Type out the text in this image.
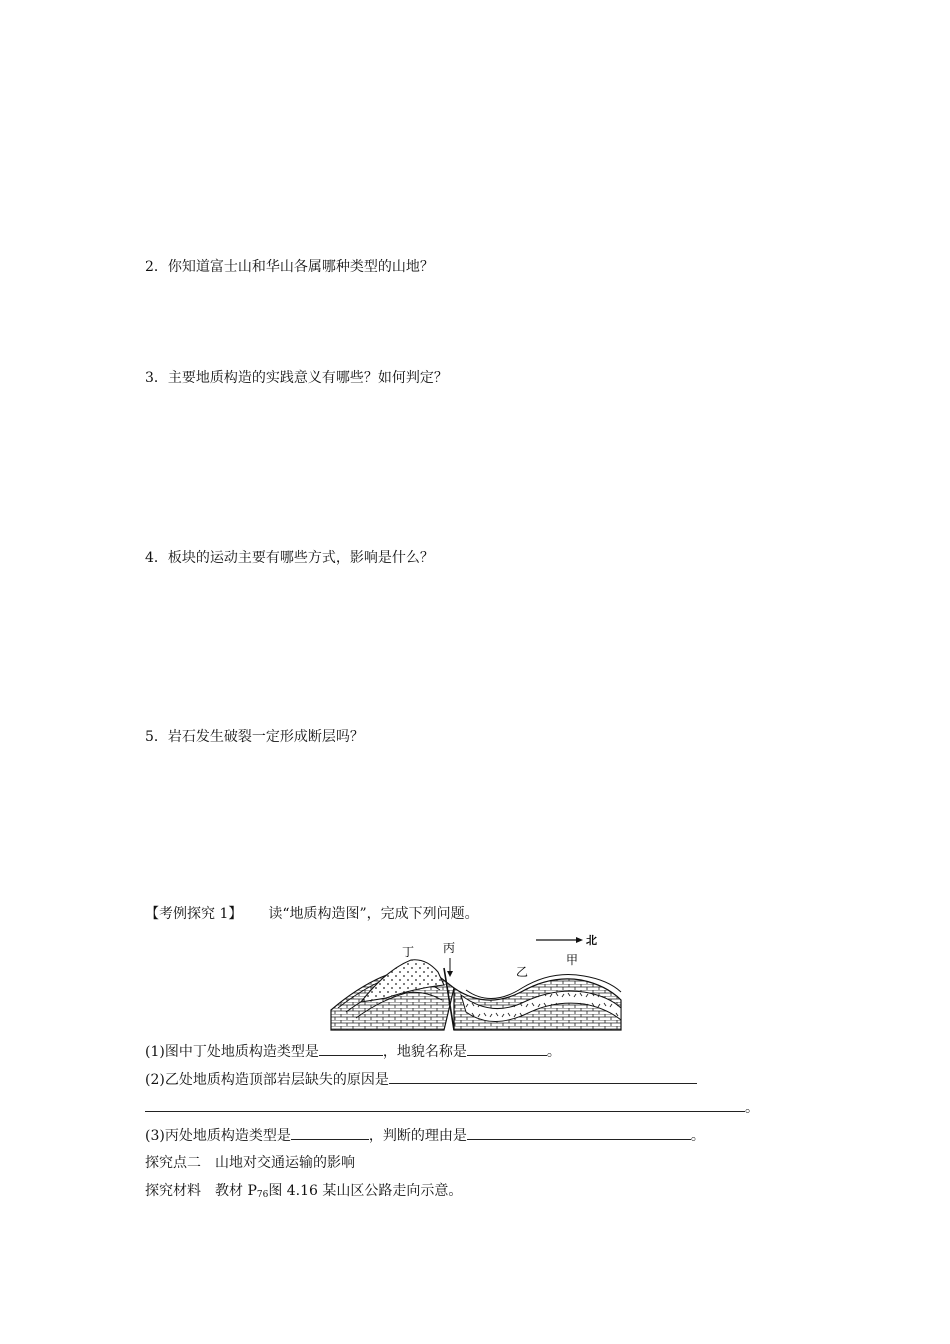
2．你知道富士山和华山各属哪种类型的山地？
3．主要地质构造的实践意义有哪些？如何判定？
4．板块的运动主要有哪些方式，影响是什么？
5．岩石发生破裂一定形成断层吗？
【考例探究 1】 读“地质构造图”，完成下列问题。
北
丁 丙
乙
甲
(1)图中丁处地质构造类型是	，地貌名称是	。
(2)乙处地质构造顶部岩层缺失的原因是
。
(3)丙处地质构造类型是	，判断的理由是	。
探究点二　山地对交通运输的影响
探究材料　教材 $P_{76}$图 4.16 某山区公路走向示意。
